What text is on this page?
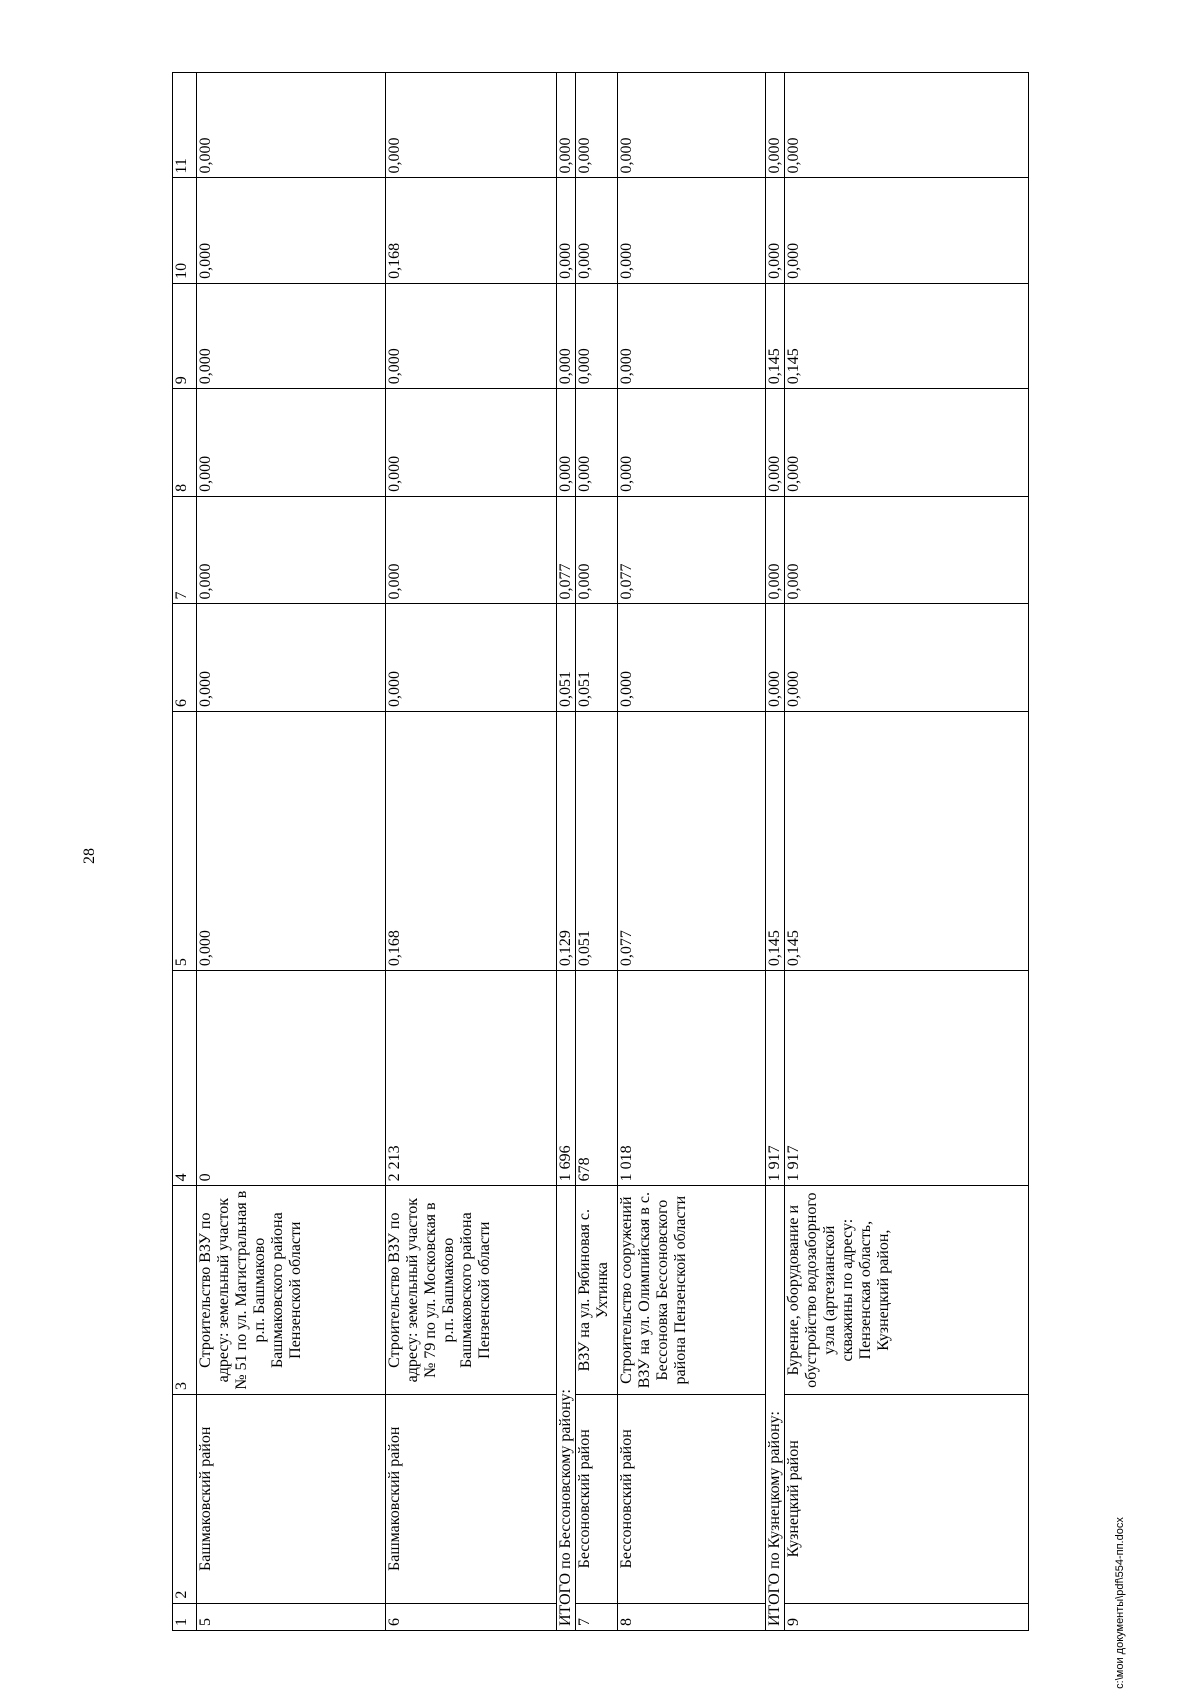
28
1	2	3	4	5	6	7	8	9	10	11
5	Башмаковский район	Строительство ВЗУ по адресу: земельный участок № 51 по ул. Магистральная в р.п. Башмаково Башмаковского района Пензенской области	0	0,000	0,000	0,000	0,000	0,000	0,000	0,000
6	Башмаковский район	Строительство ВЗУ по адресу: земельный участок № 79 по ул. Московская в р.п. Башмаково Башмаковского района Пензенской области	2 213	0,168	0,000	0,000	0,000	0,000	0,168	0,000
ИТОГО по Бессоновскому району:			1 696	0,129	0,051	0,077	0,000	0,000	0,000	0,000
7	Бессоновский район	ВЗУ на ул. Рябиновая с. Ухтинка	678	0,051	0,051	0,000	0,000	0,000	0,000	0,000
8	Бессоновский район	Строительство сооружений ВЗУ на ул. Олимпийская в с. Бессоновка Бессоновского района Пензенской области	1 018	0,077	0,000	0,077	0,000	0,000	0,000	0,000
ИТОГО по Кузнецкому району:			1 917	0,145	0,000	0,000	0,000	0,145	0,000	0,000
9	Кузнецкий район	Бурение, оборудование и обустройство водозаборного узла (артезианской скважины по адресу: Пензенская область, Кузнецкий район,	1 917	0,145	0,000	0,000	0,000	0,145	0,000	0,000
c:\мои документы\pdf\554-пп.docx
